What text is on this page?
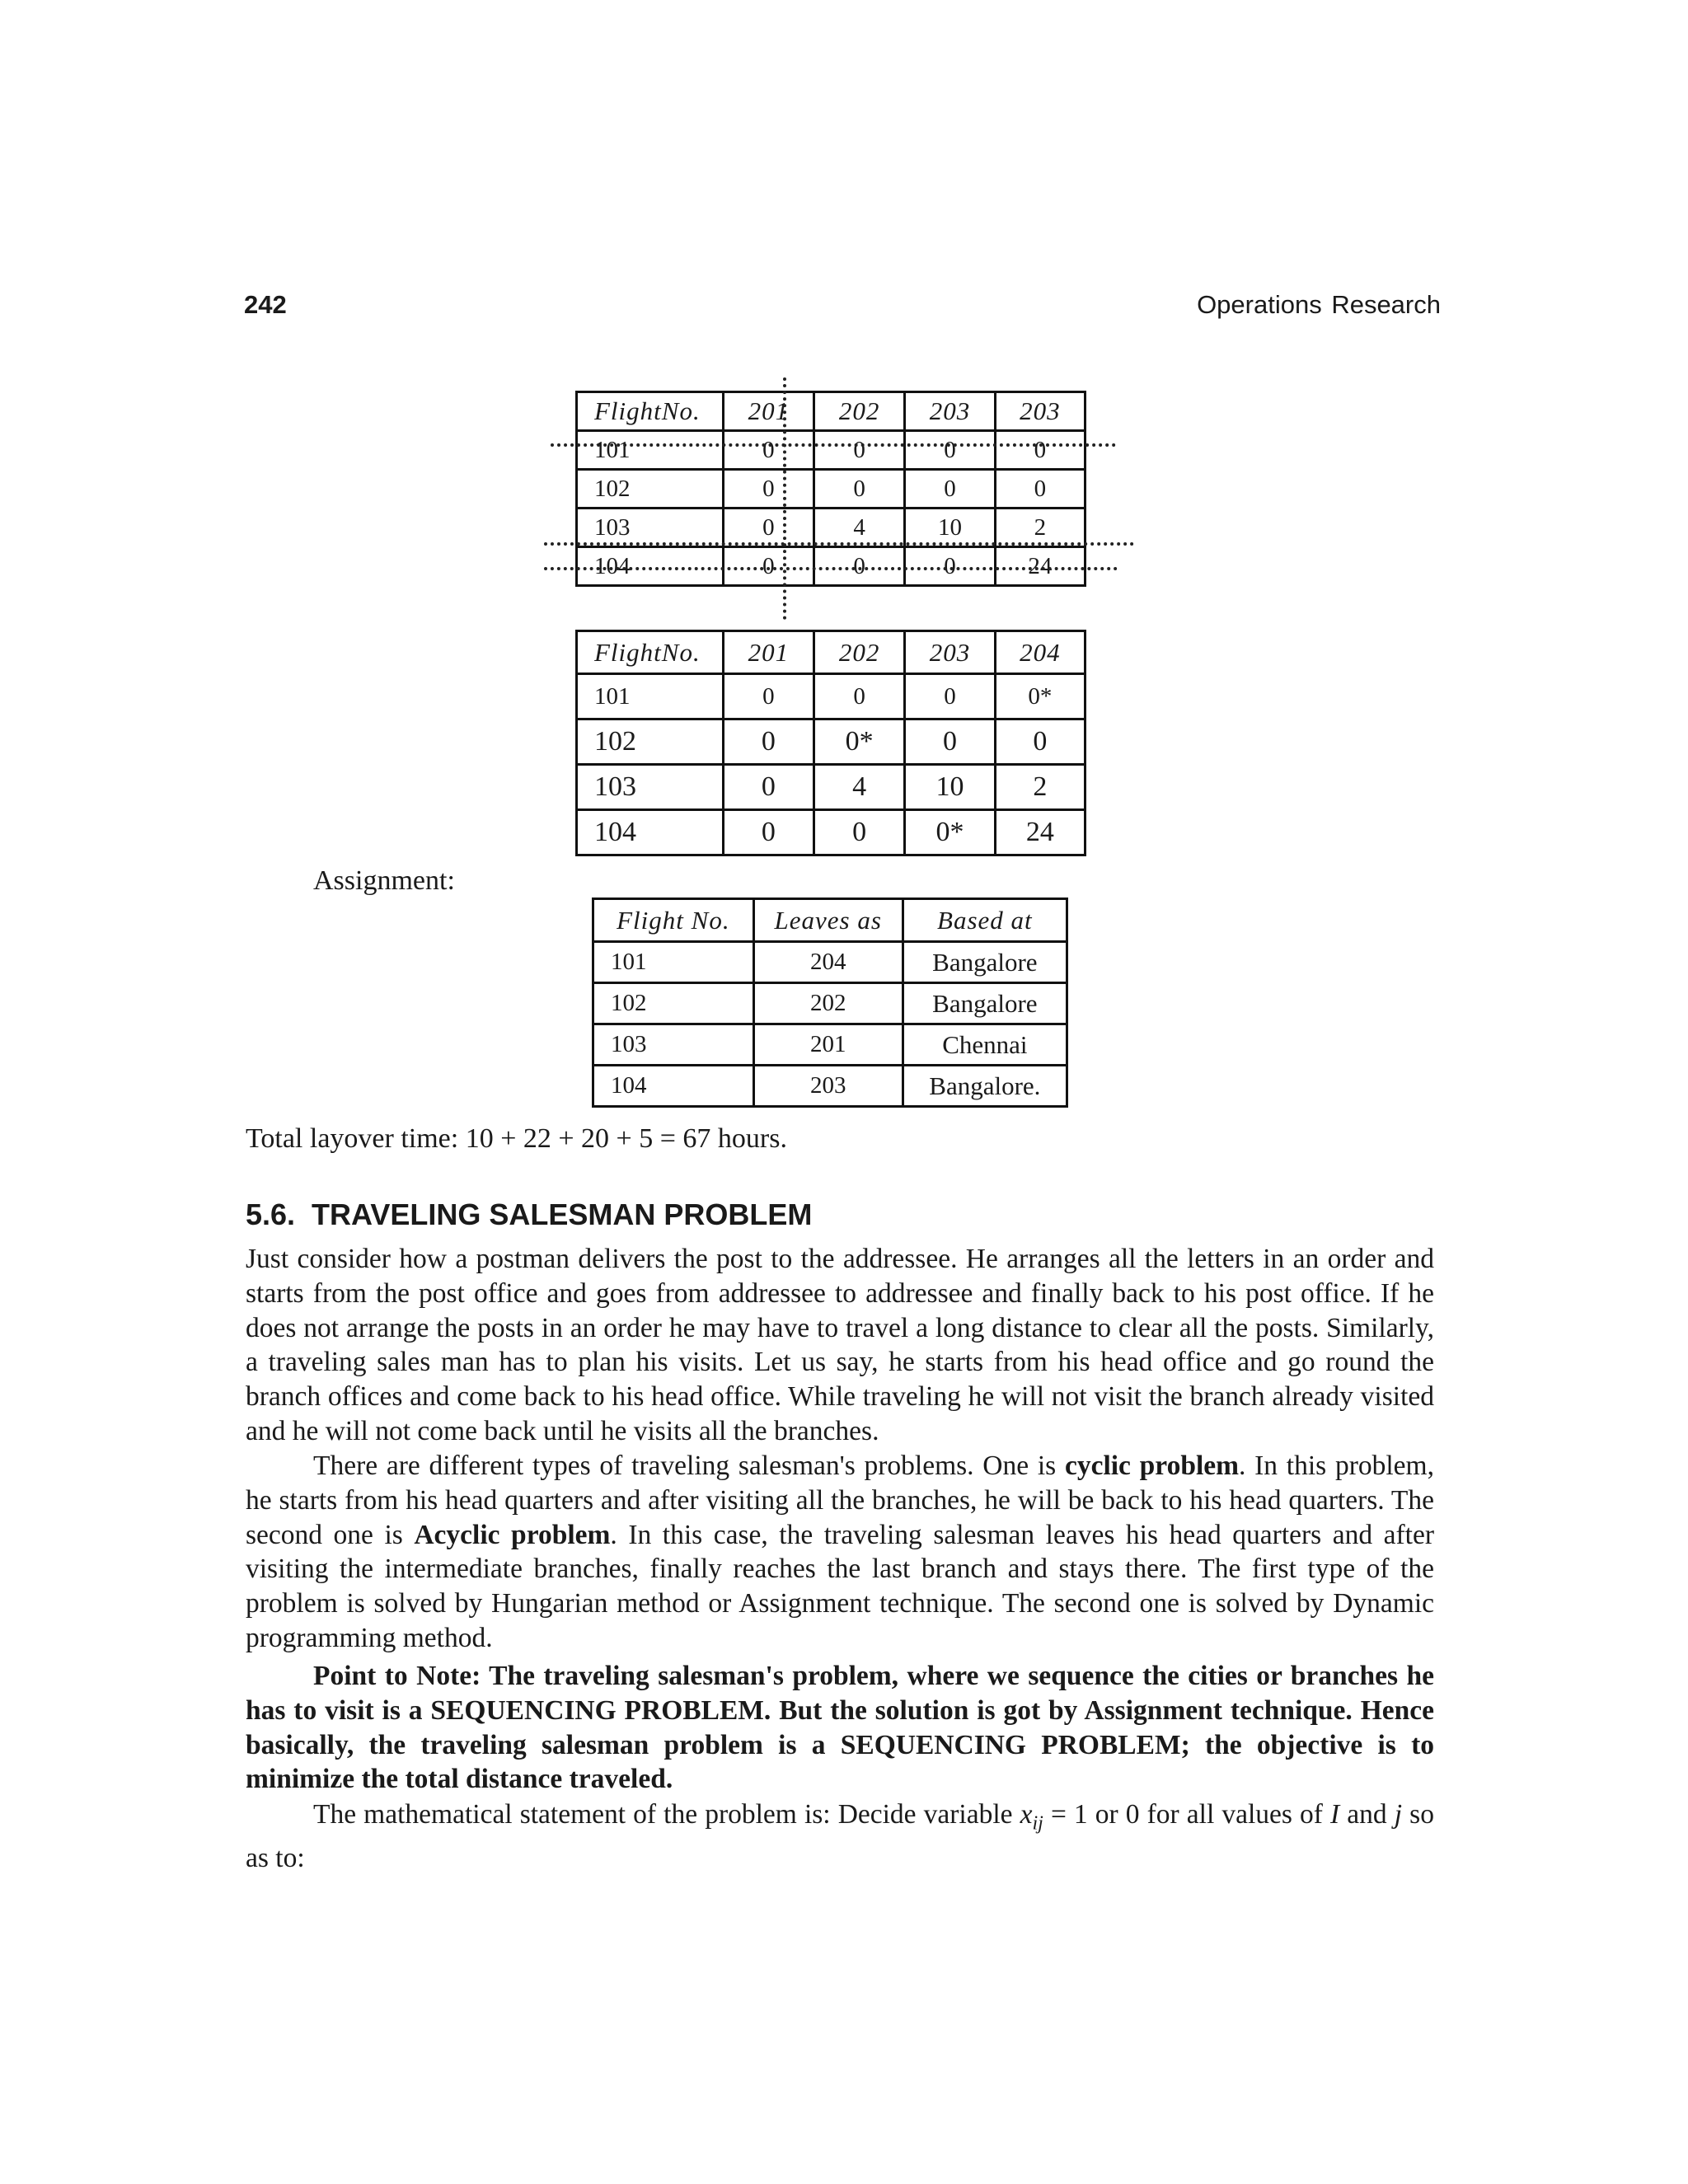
242	Operations Research
FlightNo.	201	202	203	203
101	0	0	0	0
102	0	0	0	0
103	0	4	10	2
104	0	0	0	24
FlightNo.	201	202	203	204
101	0	0	0	0*
102	0	0*	0	0
103	0	4	10	2
104	0	0	0*	24
Assignment:
Flight No.	Leaves as	Based at
101	204	Bangalore
102	202	Bangalore
103	201	Chennai
104	203	Bangalore.
Total layover time: 10 + 22 + 20 + 5 = 67 hours.
5.6.  TRAVELING SALESMAN PROBLEM

Just consider how a postman delivers the post to the addressee. He arranges all the letters in an order and starts from the post office and goes from addressee to addressee and finally back to his post office. If he does not arrange the posts in an order he may have to travel a long distance to clear all the posts. Similarly, a traveling sales man has to plan his visits. Let us say, he starts from his head office and go round the branch offices and come back to his head office. While traveling he will not visit the branch already visited and he will not come back until he visits all the branches.

There are different types of traveling salesman's problems. One is cyclic problem. In this problem, he starts from his head quarters and after visiting all the branches, he will be back to his head quarters. The second one is Acyclic problem. In this case, the traveling salesman leaves his head quarters and after visiting the intermediate branches, finally reaches the last branch and stays there. The first type of the problem is solved by Hungarian method or Assignment technique. The second one is solved by Dynamic programming method.

Point to Note: The traveling salesman's problem, where we sequence the cities or branches he has to visit is a SEQUENCING PROBLEM. But the solution is got by Assignment technique. Hence basically, the traveling salesman problem is a SEQUENCING PROBLEM; the objective is to minimize the total distance traveled.

The mathematical statement of the problem is: Decide variable $x_{ij} = 1$ or 0 for all values of I and j so as to:
